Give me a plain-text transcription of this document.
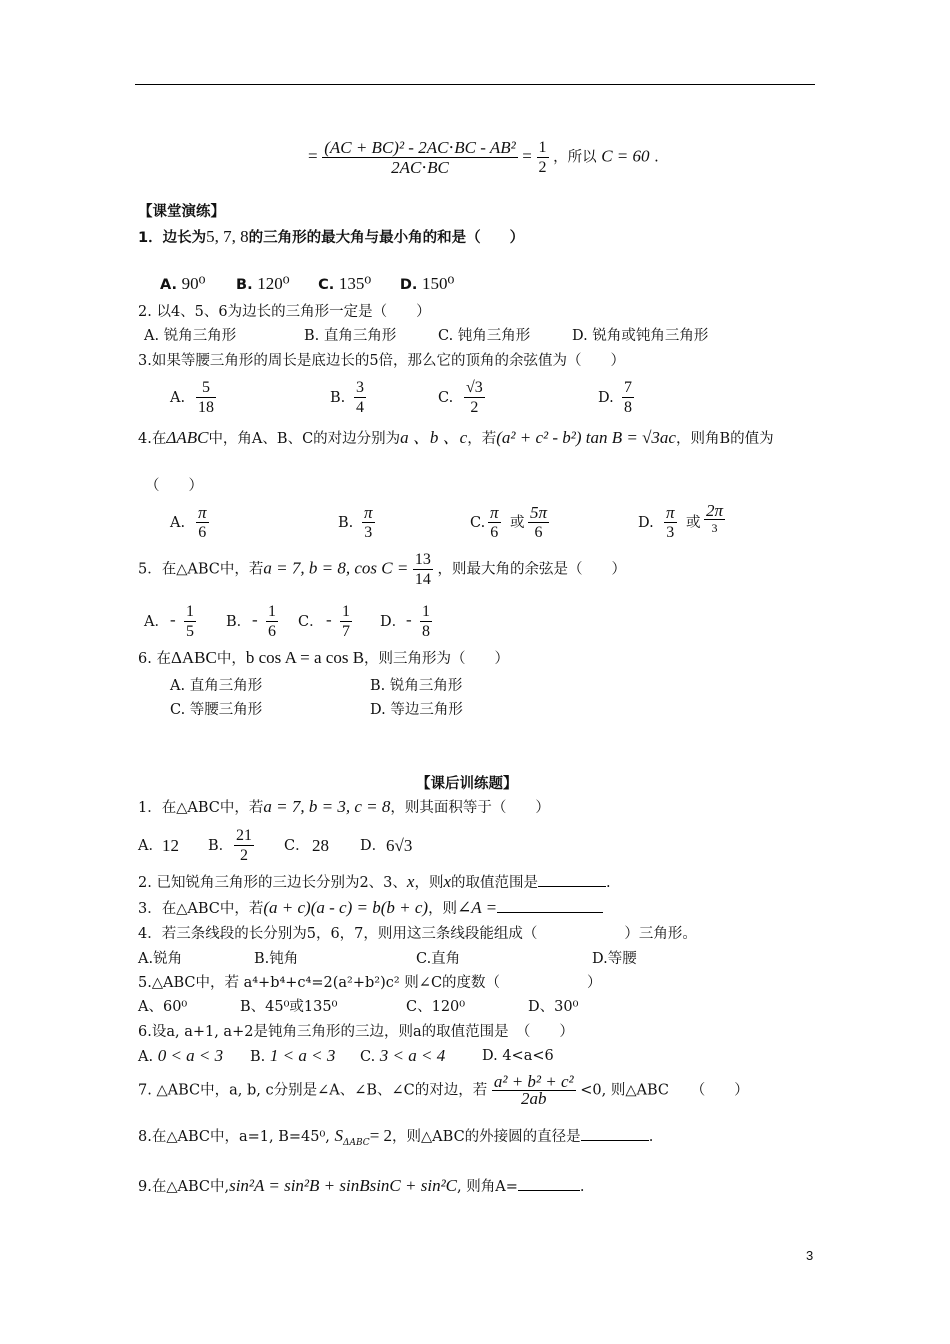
= $\frac{\text{(AC + BC)² - 2AC⋅BC - AB²}}{2AC\cdot BC} = \frac{1}{2}$ ，所以 C = 60 .
【课堂演练】
1．边长为5, 7, 8的三角形的最大角与最小角的和是（　　）
A. 90⁰ B. 120⁰ C. 135⁰ D. 150⁰
2. 以4、5、6为边长的三角形一定是（　　）
A. 锐角三角形	B. 直角三角形	C. 钝角三角形	D. 锐角或钝角三角形
3.如果等腰三角形的周长是底边长的5倍，那么它的顶角的余弦值为（　　）
A. $\frac{5}{18}$	B. $\frac{3}{4}$	C. $\frac{√3}{2}$	D. $\frac{7}{8}$
4.在ΔABC中，角A、B、C的对边分别为a 、b 、c，若(a² + c² - b²) tan B = √3ac，则角B的值为
（　　）
A. $\frac{\pi}{6}$	B. $\frac{\pi}{3}$	C. $\frac{\pi}{6}$ 或 $\frac{5\pi}{6}$	D. $\frac{\pi}{3}$ 或
2π
3
5．在△ABC中，若a = 7, b = 8, $\cos C = \frac{13}{14}$ ，则最大角的余弦是（　　）
A． - $\frac{1}{5}$ B． - $\frac{1}{6}$ C． - $\frac{1}{7}$ D． - $\frac{1}{8}$
6. 在ΔABC中，b cos A = a cos B，则三角形为（　　）
A. 直角三角形	B. 锐角三角形
C. 等腰三角形	D. 等边三角形
【课后训练题】
1．在△ABC中，若a = 7, b = 3, c = 8，则其面积等于（　　）
A． 12 B． $\frac{21}{2}$ C． 28 D． 6√3
2. 已知锐角三角形的三边长分别为2、3、x，则x的取值范围是	.
3．在△ABC中，若(a + c)(a - c) = b(b + c)，则∠A =
4．若三条线段的长分别为5，6，7，则用这三条线段能组成（　　　　　　）三角形。
A.锐角	B.钝角	C.直角	D.等腰
5.△ABC中，若 a⁴+b⁴+c⁴=2(a²+b²)c² 则∠C的度数（　　　　　　）
A、60⁰	B、45⁰或135⁰	C、120⁰	D、30⁰
6.设a, a+1, a+2是钝角三角形的三边，则a的取值范围是　（　　）
A. 0 < a < 3 B. 1 < a < 3 C. 3 < a < 4	D. 4<a<6
7. △ABC中，a, b, c分别是∠A、∠B、∠C的对边，若 $\frac{\text{a² + b² + c²}}{2ab} <0$, 则△ABC　　（　　）
8.在△ABC中，a=1, B=45⁰, $S_{\Delta ABC}= 2$，则△ABC的外接圆的直径是	.
9.在△ABC中,sin²A = sin²B + sinBsinC + sin²C, 则角A=	.
3
